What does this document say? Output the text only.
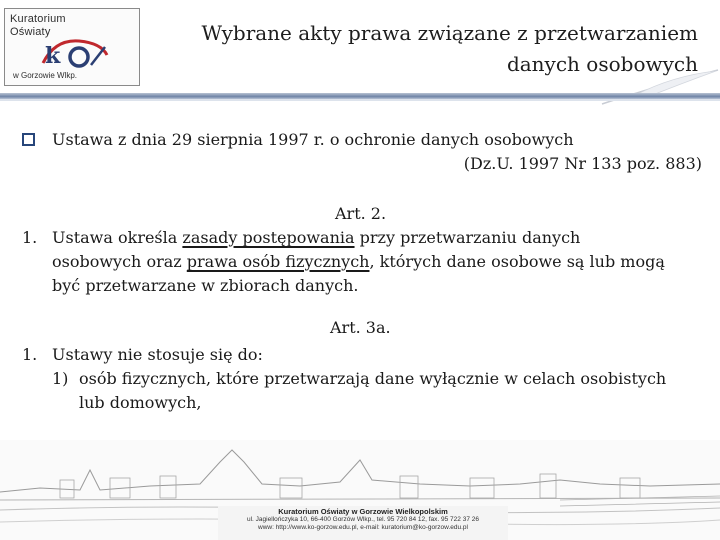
Kuratorium
Oświaty
k
w Gorzowie Wlkp.
Wybrane akty prawa związane z przetwarzaniem
danych osobowych
Ustawa z dnia 29 sierpnia 1997 r. o ochronie danych osobowych
(Dz.U. 1997 Nr 133 poz. 883)
Art. 2.
1. Ustawa określa zasady postępowania przy przetwarzaniu danych
osobowych oraz prawa osób fizycznych, których dane osobowe są lub mogą
być przetwarzane w zbiorach danych.
Art. 3a.
1. Ustawy nie stosuje się do:
1) osób fizycznych, które przetwarzają dane wyłącznie w celach osobistych
lub domowych,
Kuratorium Oświaty w Gorzowie Wielkopolskim
ul. Jagiellończyka 10, 66-400 Gorzów Wlkp., tel. 95 720 84 12, fax. 95 722 37 26
www: http://www.ko-gorzow.edu.pl, e-mail: kuratorium@ko-gorzow.edu.pl
